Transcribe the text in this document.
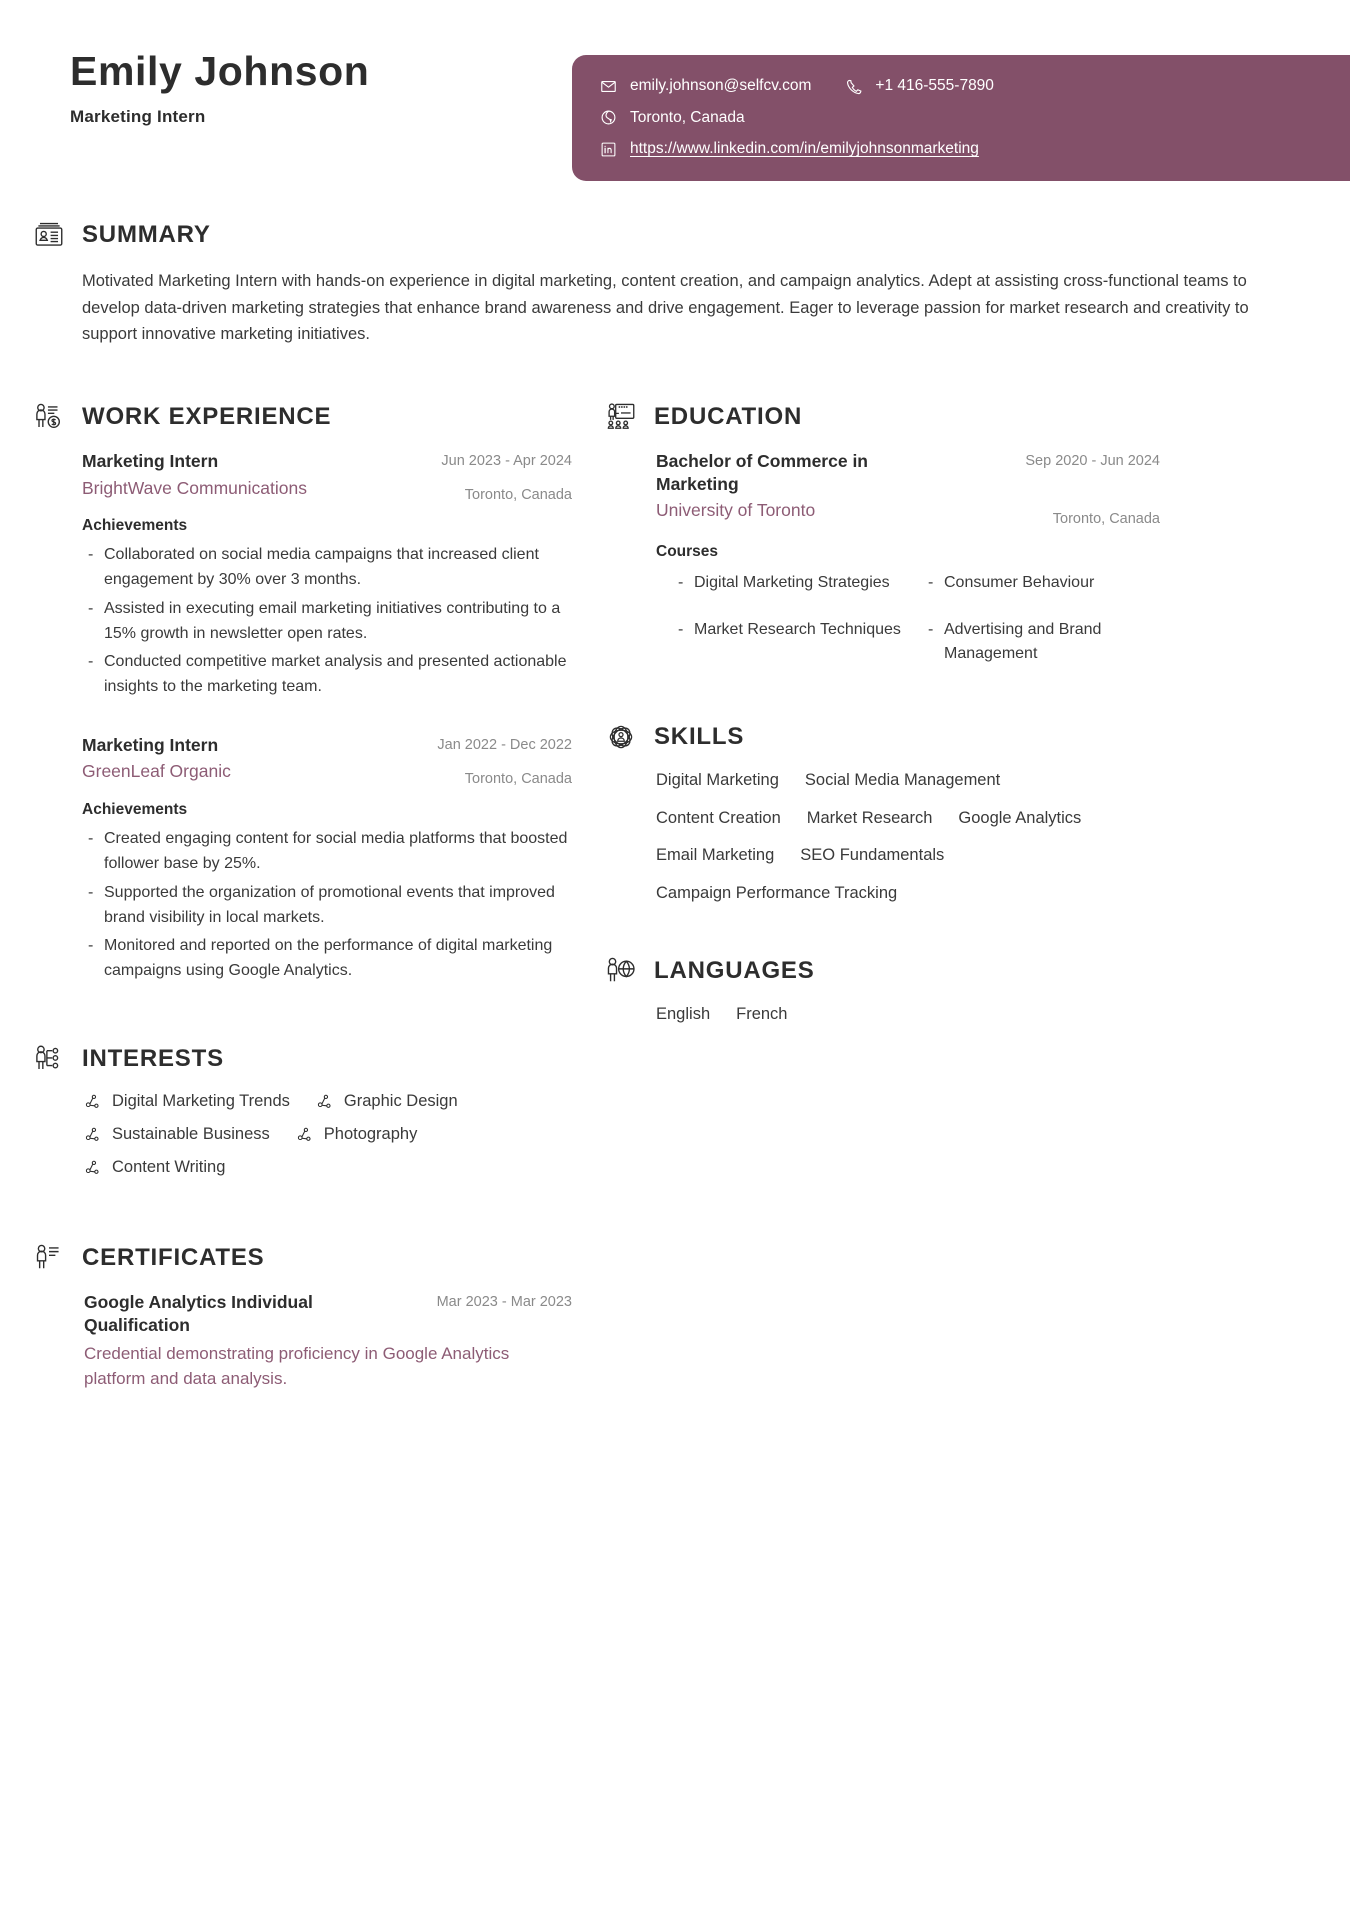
Emily Johnson
Marketing Intern
emily.johnson@selfcv.com	+1 416-555-7890
Toronto, Canada
https://www.linkedin.com/in/emilyjohnsonmarketing
SUMMARY
Motivated Marketing Intern with hands-on experience in digital marketing, content creation, and campaign analytics. Adept at assisting cross-functional teams to develop data-driven marketing strategies that enhance brand awareness and drive engagement. Eager to leverage passion for market research and creativity to support innovative marketing initiatives.
WORK EXPERIENCE
Marketing Intern
BrightWave Communications
Jun 2023 - Apr 2024
Toronto, Canada
Achievements
- Collaborated on social media campaigns that increased client engagement by 30% over 3 months.
- Assisted in executing email marketing initiatives contributing to a 15% growth in newsletter open rates.
- Conducted competitive market analysis and presented actionable insights to the marketing team.
Marketing Intern
GreenLeaf Organic
Jan 2022 - Dec 2022
Toronto, Canada
Achievements
- Created engaging content for social media platforms that boosted follower base by 25%.
- Supported the organization of promotional events that improved brand visibility in local markets.
- Monitored and reported on the performance of digital marketing campaigns using Google Analytics.
INTERESTS
Digital Marketing Trends	Graphic Design
Sustainable Business	Photography
Content Writing
CERTIFICATES
Google Analytics Individual Qualification
Mar 2023 - Mar 2023
Credential demonstrating proficiency in Google Analytics platform and data analysis.
EDUCATION
Bachelor of Commerce in Marketing
University of Toronto
Sep 2020 - Jun 2024
Toronto, Canada
Courses
- Digital Marketing Strategies	- Consumer Behaviour
- Market Research Techniques	- Advertising and Brand Management
SKILLS
Digital Marketing Social Media Management
Content Creation Market Research Google Analytics
Email Marketing SEO Fundamentals
Campaign Performance Tracking
LANGUAGES
English French
